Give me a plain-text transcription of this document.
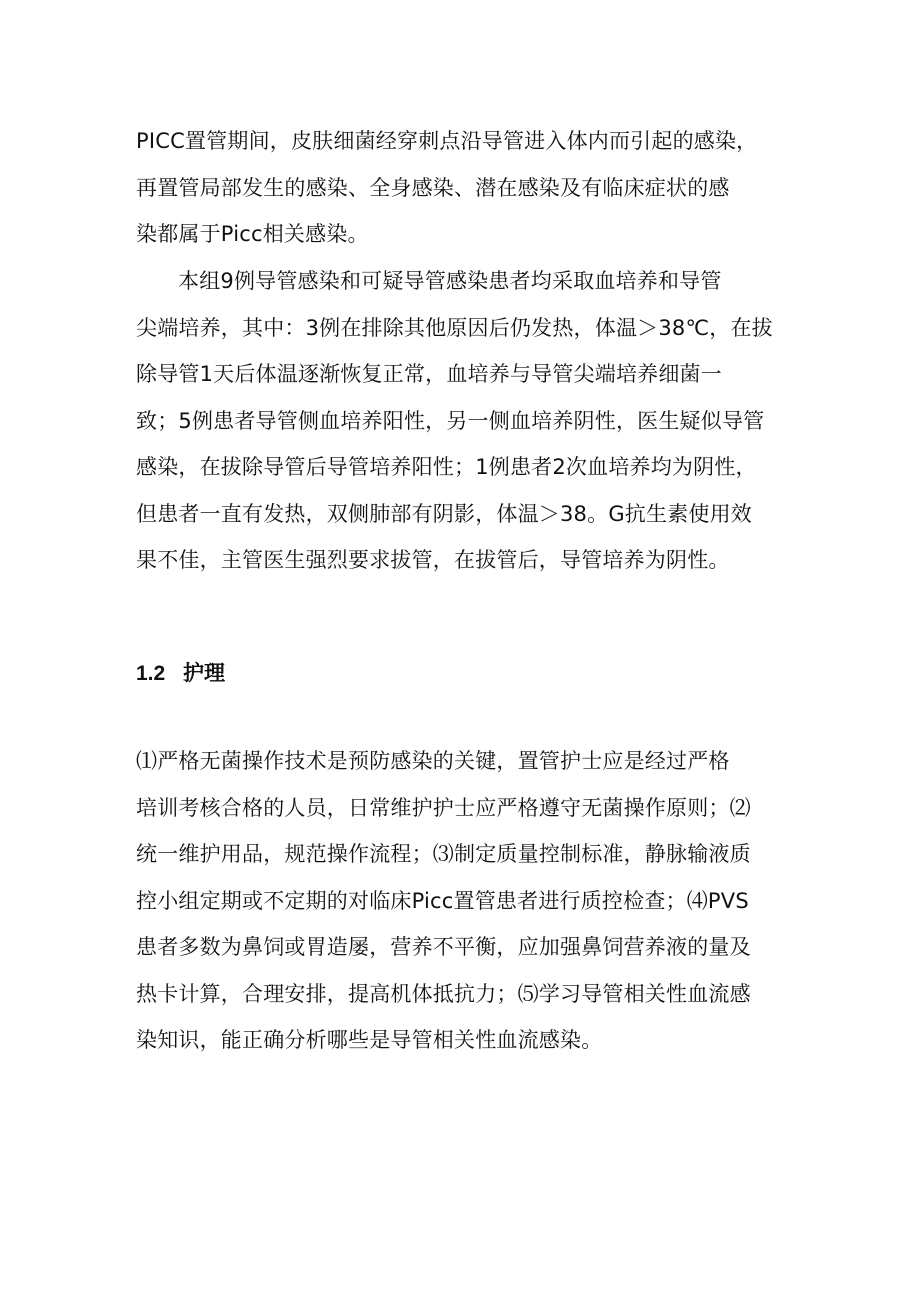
PICC置管期间，皮肤细菌经穿刺点沿导管进入体内而引起的感染，
再置管局部发生的感染、全身感染、潜在感染及有临床症状的感
染都属于Picc相关感染。

本组9例导管感染和可疑导管感染患者均采取血培养和导管
尖端培养，其中：3例在排除其他原因后仍发热，体温＞38℃，在拔
除导管1天后体温逐渐恢复正常，血培养与导管尖端培养细菌一
致；5例患者导管侧血培养阳性，另一侧血培养阴性，医生疑似导管
感染，在拔除导管后导管培养阳性；1例患者2次血培养均为阴性，
但患者一直有发热，双侧肺部有阴影，体温＞38。G抗生素使用效
果不佳，主管医生强烈要求拔管，在拔管后，导管培养为阴性。

1.2 护理

⑴严格无菌操作技术是预防感染的关键，置管护士应是经过严格
培训考核合格的人员，日常维护护士应严格遵守无菌操作原则；⑵
统一维护用品，规范操作流程；⑶制定质量控制标准，静脉输液质
控小组定期或不定期的对临床Picc置管患者进行质控检查；⑷PVS
患者多数为鼻饲或胃造屡，营养不平衡，应加强鼻饲营养液的量及
热卡计算，合理安排，提高机体抵抗力；⑸学习导管相关性血流感
染知识，能正确分析哪些是导管相关性血流感染。
